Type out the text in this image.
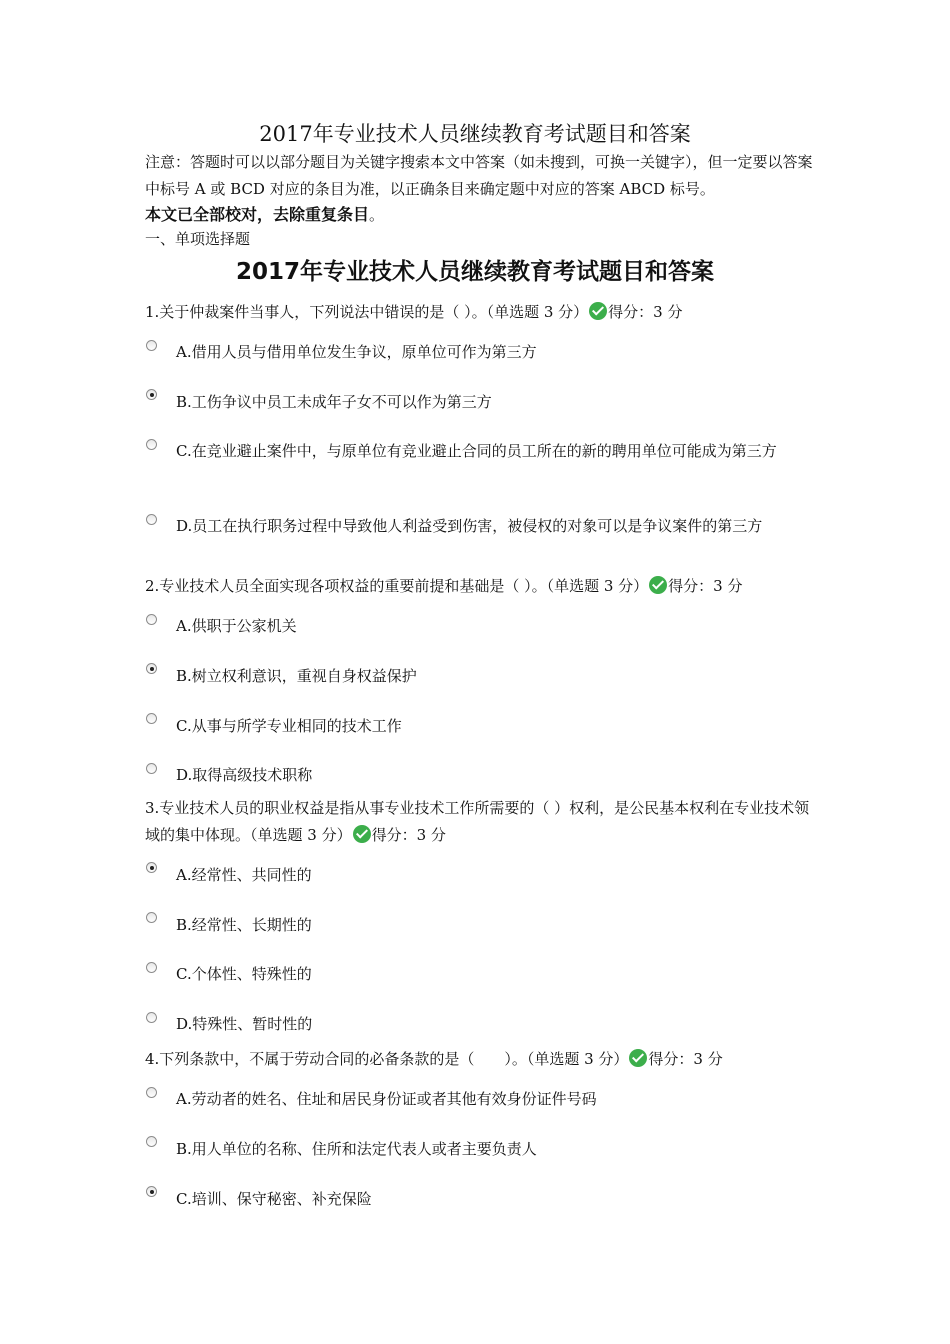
2017年专业技术人员继续教育考试题目和答案
注意：答题时可以以部分题目为关键字搜索本文中答案（如未搜到，可换一关键字），但一定要以答案中标号 A 或 BCD 对应的条目为准，以正确条目来确定题中对应的答案 ABCD 标号。
本文已全部校对，去除重复条目。
一、单项选择题
2017年专业技术人员继续教育考试题目和答案
1.关于仲裁案件当事人，下列说法中错误的是（ ）。（单选题 3 分） 得分：3 分
A.借用人员与借用单位发生争议，原单位可作为第三方
B.工伤争议中员工未成年子女不可以作为第三方
C.在竞业避止案件中，与原单位有竞业避止合同的员工所在的新的聘用单位可能成为第三方
D.员工在执行职务过程中导致他人利益受到伤害，被侵权的对象可以是争议案件的第三方
2.专业技术人员全面实现各项权益的重要前提和基础是（ ）。（单选题 3 分） 得分：3 分
A.供职于公家机关
B.树立权利意识，重视自身权益保护
C.从事与所学专业相同的技术工作
D.取得高级技术职称
3.专业技术人员的职业权益是指从事专业技术工作所需要的（ ）权利，是公民基本权利在专业技术领域的集中体现。（单选题 3 分） 得分：3 分
A.经常性、共同性的
B.经常性、长期性的
C.个体性、特殊性的
D.特殊性、暂时性的
4.下列条款中，不属于劳动合同的必备条款的是（　　）。（单选题 3 分） 得分：3 分
A.劳动者的姓名、住址和居民身份证或者其他有效身份证件号码
B.用人单位的名称、住所和法定代表人或者主要负责人
C.培训、保守秘密、补充保险
